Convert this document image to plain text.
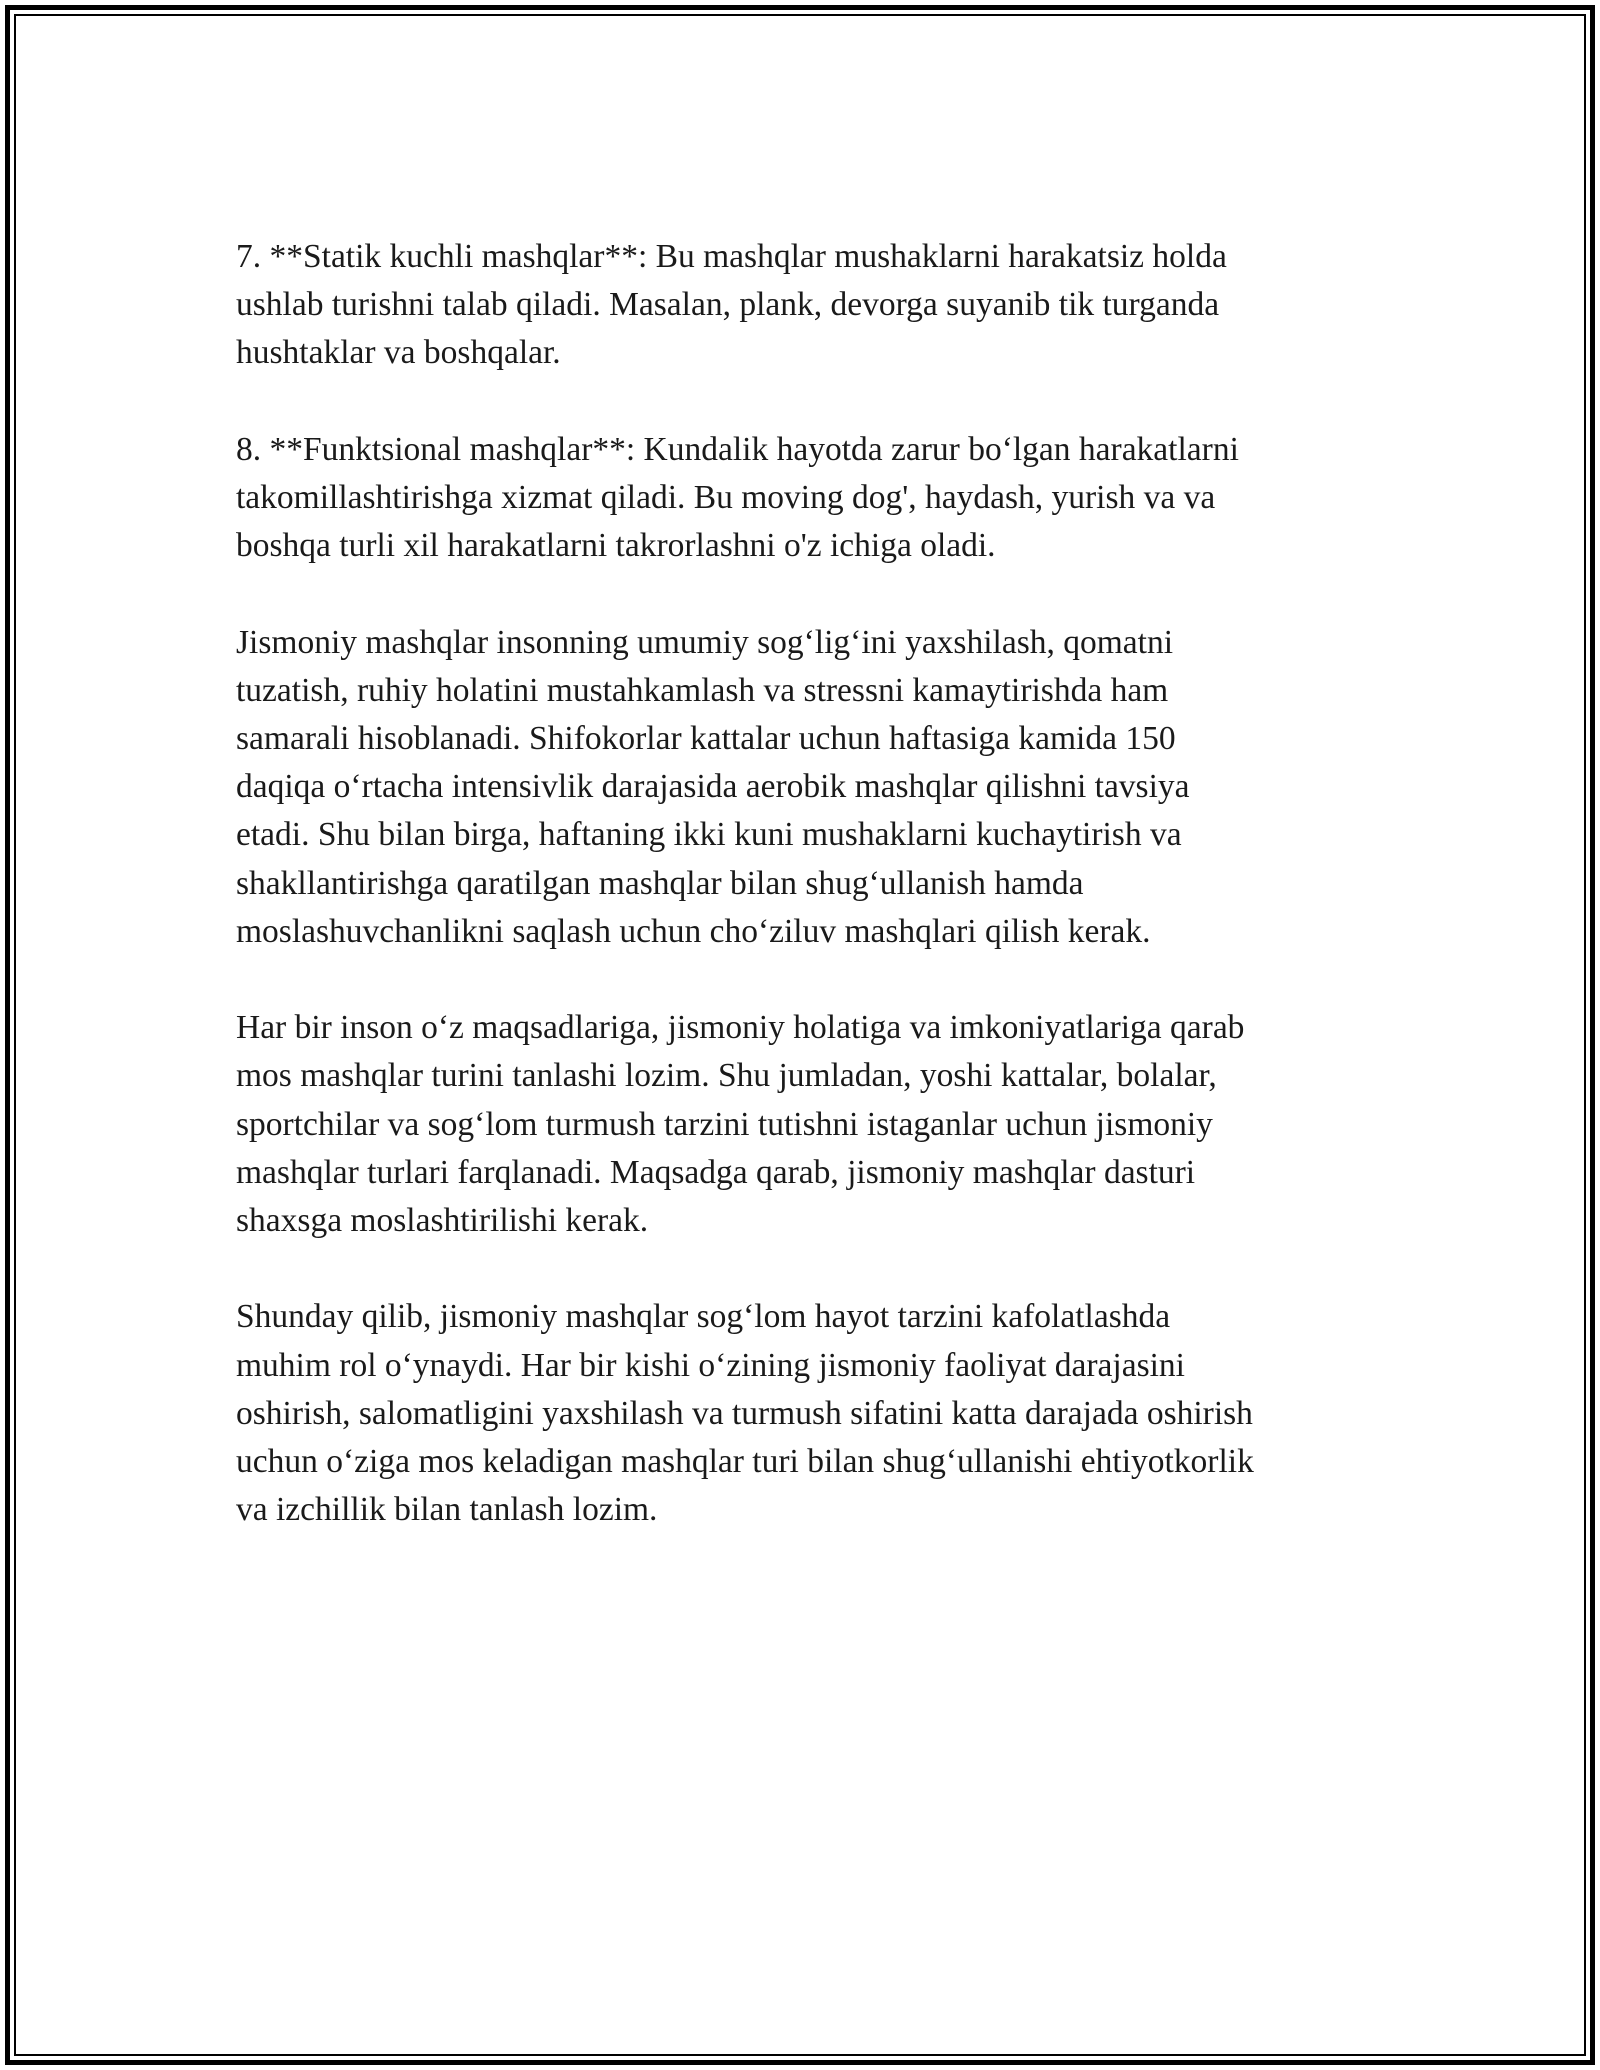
7. **Statik kuchli mashqlar**: Bu mashqlar mushaklarni harakatsiz holda
ushlab turishni talab qiladi. Masalan, plank, devorga suyanib tik turganda
hushtaklar va boshqalar.

8. **Funktsional mashqlar**: Kundalik hayotda zarur boʻlgan harakatlarni
takomillashtirishga xizmat qiladi. Bu moving dog', haydash, yurish va va
boshqa turli xil harakatlarni takrorlashni o'z ichiga oladi.

Jismoniy mashqlar insonning umumiy sogʻligʻini yaxshilash, qomatni
tuzatish, ruhiy holatini mustahkamlash va stressni kamaytirishda ham
samarali hisoblanadi. Shifokorlar kattalar uchun haftasiga kamida 150
daqiqa oʻrtacha intensivlik darajasida aerobik mashqlar qilishni tavsiya
etadi. Shu bilan birga, haftaning ikki kuni mushaklarni kuchaytirish va
shakllantirishga qaratilgan mashqlar bilan shugʻullanish hamda
moslashuvchanlikni saqlash uchun choʻziluv mashqlari qilish kerak.

Har bir inson oʻz maqsadlariga, jismoniy holatiga va imkoniyatlariga qarab
mos mashqlar turini tanlashi lozim. Shu jumladan, yoshi kattalar, bolalar,
sportchilar va sogʻlom turmush tarzini tutishni istaganlar uchun jismoniy
mashqlar turlari farqlanadi. Maqsadga qarab, jismoniy mashqlar dasturi
shaxsga moslashtirilishi kerak.

Shunday qilib, jismoniy mashqlar sogʻlom hayot tarzini kafolatlashda
muhim rol oʻynaydi. Har bir kishi oʻzining jismoniy faoliyat darajasini
oshirish, salomatligini yaxshilash va turmush sifatini katta darajada oshirish
uchun oʻziga mos keladigan mashqlar turi bilan shugʻullanishi ehtiyotkorlik
va izchillik bilan tanlash lozim.
